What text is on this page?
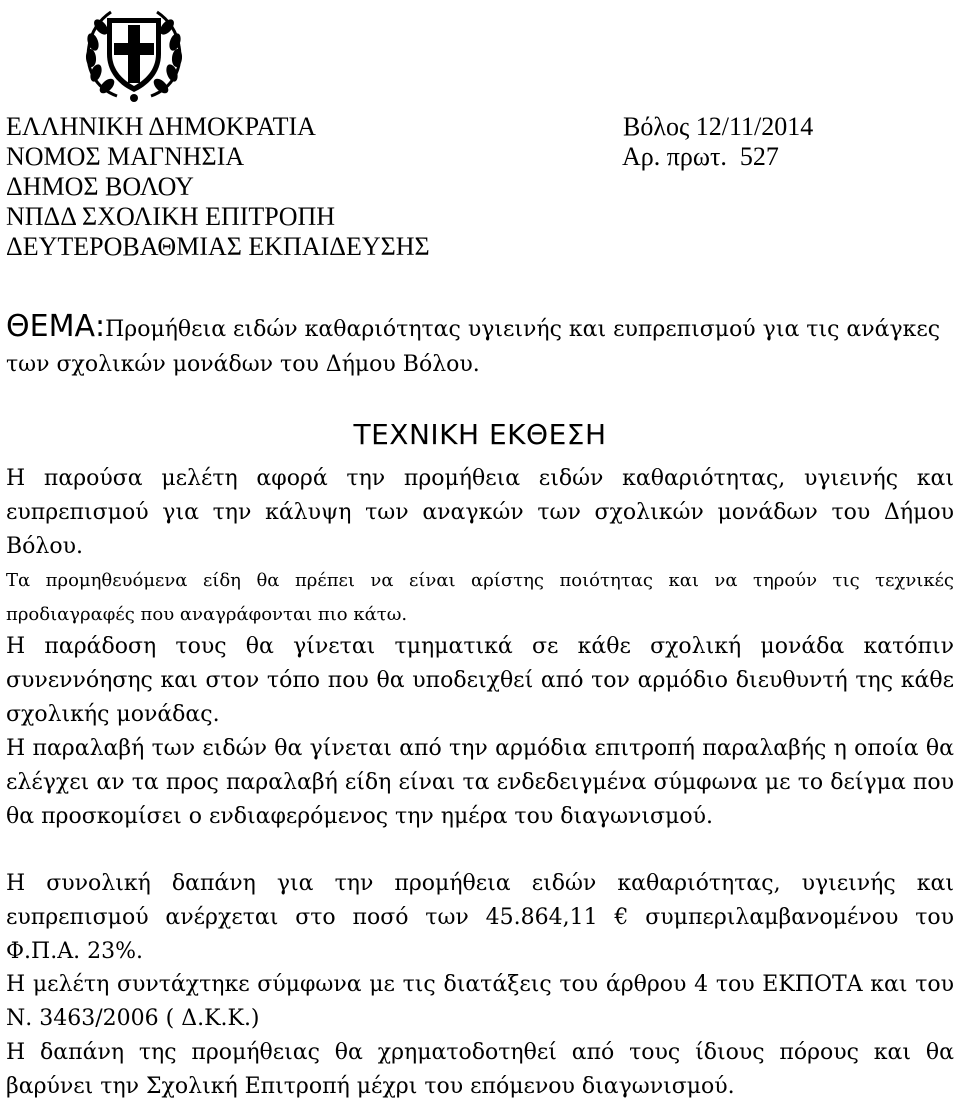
ΕΛΛΗΝΙΚΗ ΔΗΜΟΚΡΑΤΙΑ
ΝΟΜΟΣ ΜΑΓΝΗΣΙΑ
ΔΗΜΟΣ ΒΟΛΟΥ
ΝΠΔΔ ΣΧΟΛΙΚΗ ΕΠΙΤΡΟΠΗ
ΔΕΥΤΕΡΟΒΑΘΜΙΑΣ ΕΚΠΑΙΔΕΥΣΗΣ
Βόλος 12/11/2014
Αρ. πρωτ.  527
ΘΕΜΑ:Προμήθεια ειδών καθαριότητας υγιεινής και ευπρεπισμού για τις ανάγκες των σχολικών μονάδων του Δήμου Βόλου.
ΤΕΧΝΙΚΗ ΕΚΘΕΣΗ

Η παρούσα μελέτη αφορά την προμήθεια ειδών καθαριότητας, υγιεινής και ευπρεπισμού για την κάλυψη των αναγκών των σχολικών μονάδων του Δήμου Βόλου.

Τα προμηθευόμενα είδη θα πρέπει να είναι αρίστης ποιότητας και να τηρούν τις τεχνικές προδιαγραφές που αναγράφονται πιο κάτω.

Η παράδοση τους θα γίνεται τμηματικά σε κάθε σχολική μονάδα κατόπιν συνεννόησης και στον τόπο που θα υποδειχθεί από τον αρμόδιο διευθυντή της κάθε σχολικής μονάδας.

Η παραλαβή των ειδών θα γίνεται από την αρμόδια επιτροπή παραλαβής η οποία θα ελέγχει αν τα προς παραλαβή είδη είναι τα ενδεδειγμένα σύμφωνα με το δείγμα που θα προσκομίσει ο ενδιαφερόμενος την ημέρα του διαγωνισμού.

Η συνολική δαπάνη για την προμήθεια ειδών καθαριότητας, υγιεινής και ευπρεπισμού ανέρχεται στο ποσό των 45.864,11 € συμπεριλαμβανομένου του Φ.Π.Α. 23%.

Η μελέτη συντάχτηκε σύμφωνα με τις διατάξεις του άρθρου 4 του ΕΚΠΟΤΑ και του Ν. 3463/2006 ( Δ.Κ.Κ.)

Η δαπάνη της προμήθειας θα χρηματοδοτηθεί από τους ίδιους πόρους και θα βαρύνει την Σχολική Επιτροπή μέχρι του επόμενου διαγωνισμού.
